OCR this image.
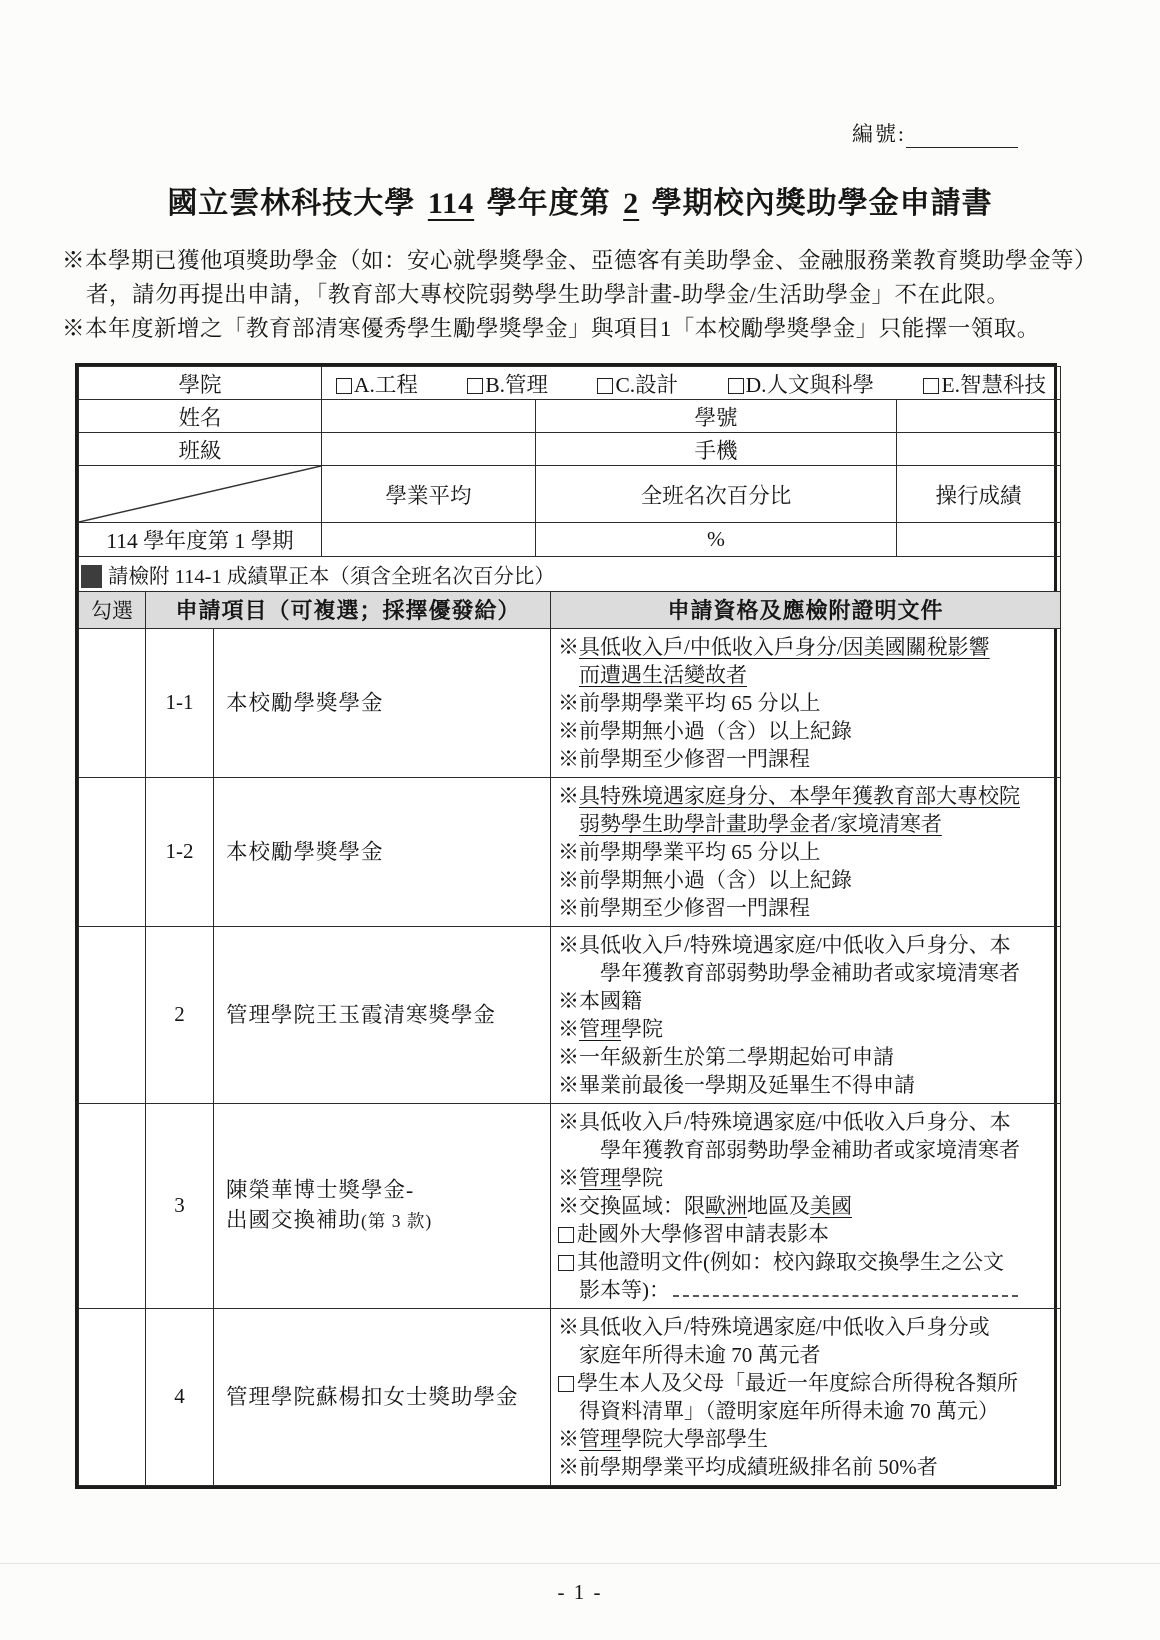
編號:
國立雲林科技大學 114 學年度第 2 學期校內獎助學金申請書
※本學期已獲他項獎助學金（如：安心就學獎學金、亞德客有美助學金、金融服務業教育獎助學金等）
者，請勿再提出申請，「教育部大專校院弱勢學生助學計畫-助學金/生活助學金」不在此限。
※本年度新增之「教育部清寒優秀學生勵學獎學金」與項目1「本校勵學獎學金」只能擇一領取。
學院	A.工程 B.管理 C.設計 D.人文與科學 E.智慧科技		

姓名		學號	
班級		手機	

	學業平均	全班名次百分比	操行成績
114 學年度第 1 學期		%	
請檢附 114-1 成績單正本（須含全班名次百分比）			
勾選	申請項目（可複選；採擇優發給）		申請資格及應檢附證明文件
	1-1	本校勵學獎學金	※具低收入戶/中低收入戶身分/因美國關稅影響
而遭遇生活變故者
※前學期學業平均 65 分以上
※前學期無小過（含）以上紀錄
※前學期至少修習一門課程

	1-2	本校勵學獎學金	※具特殊境遇家庭身分、本學年獲教育部大專校院
弱勢學生助學計畫助學金者/家境清寒者
※前學期學業平均 65 分以上
※前學期無小過（含）以上紀錄
※前學期至少修習一門課程

	2	管理學院王玉霞清寒獎學金

※具低收入戶/特殊境遇家庭/中低收入戶身分、本
學年獲教育部弱勢助學金補助者或家境清寒者
※本國籍
※管理學院
※一年級新生於第二學期起始可申請
※畢業前最後一學期及延畢生不得申請

	3	
陳榮華博士獎學金-
出國交換補助(第 3 款)

※具低收入戶/特殊境遇家庭/中低收入戶身分、本
學年獲教育部弱勢助學金補助者或家境清寒者
※管理學院
※交換區域：限歐洲地區及美國
赴國外大學修習申請表影本
其他證明文件(例如：校內錄取交換學生之公文
影本等)：

	4	管理學院蘇楊扣女士獎助學金

※具低收入戶/特殊境遇家庭/中低收入戶身分或
家庭年所得未逾 70 萬元者
學生本人及父母「最近一年度綜合所得稅各類所
得資料清單」（證明家庭年所得未逾 70 萬元）
※管理學院大學部學生
※前學期學業平均成績班級排名前 50%者
- 1 -
